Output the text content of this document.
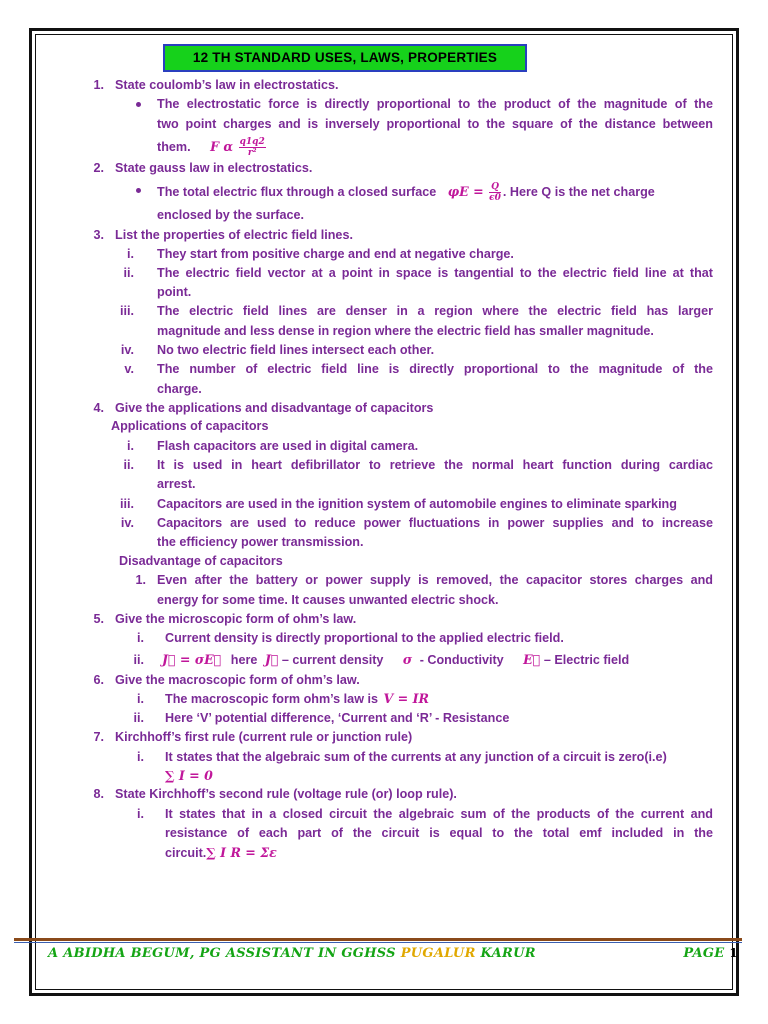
12 TH STANDARD USES, LAWS, PROPERTIES
1. State coulomb’s law in electrostatics.
The electrostatic force is directly proportional to the product of the magnitude of the
two point charges and is inversely proportional to the square of the distance between
them. F α $\frac{q1q2}{\text{r²}}$
2. State gauss law in electrostatics.
The total electric flux through a closed surface $\varphi E = \frac{Q}{\epsilon 0}$ . Here Q is the net charge
enclosed by the surface.
3. List the properties of electric field lines.
i. They start from positive charge and end at negative charge.
ii. The electric field vector at a point in space is tangential to the electric field line at that
point.
iii. The electric field lines are denser in a region where the electric field has larger
magnitude and less dense in region where the electric field has smaller magnitude.
iv. No two electric field lines intersect each other.
v. The number of electric field line is directly proportional to the magnitude of the
charge.
4. Give the applications and disadvantage of capacitors
Applications of capacitors
i. Flash capacitors are used in digital camera.
ii. It is used in heart defibrillator to retrieve the normal heart function during cardiac
arrest.
iii. Capacitors are used in the ignition system of automobile engines to eliminate sparking
iv. Capacitors are used to reduce power fluctuations in power supplies and to increase
the efficiency power transmission.
Disadvantage of capacitors
1. Even after the battery or power supply is removed, the capacitor stores charges and
energy for some time. It causes unwanted electric shock.
5. Give the microscopic form of ohm’s law.
i. Current density is directly proportional to the applied electric field.
ii. J⃗ = σE⃗ here J⃗ – current density σ - Conductivity E⃗ – Electric field
6. Give the macroscopic form of ohm’s law.
i. The macroscopic form ohm’s law is V = IR
ii. Here ‘V’ potential difference, ‘Current and ‘R’ - Resistance
7. Kirchhoff’s first rule (current rule or junction rule)
i. It states that the algebraic sum of the currents at any junction of a circuit is zero(i.e)
∑ I = 0
8. State Kirchhoff’s second rule (voltage rule (or) loop rule).
i. It states that in a closed circuit the algebraic sum of the products of the current and
resistance of each part of the circuit is equal to the total emf included in the
circuit.∑ I R = Σε
A ABIDHA BEGUM, PG ASSISTANT IN GGHSS PUGALUR KARUR	PAGE 1
